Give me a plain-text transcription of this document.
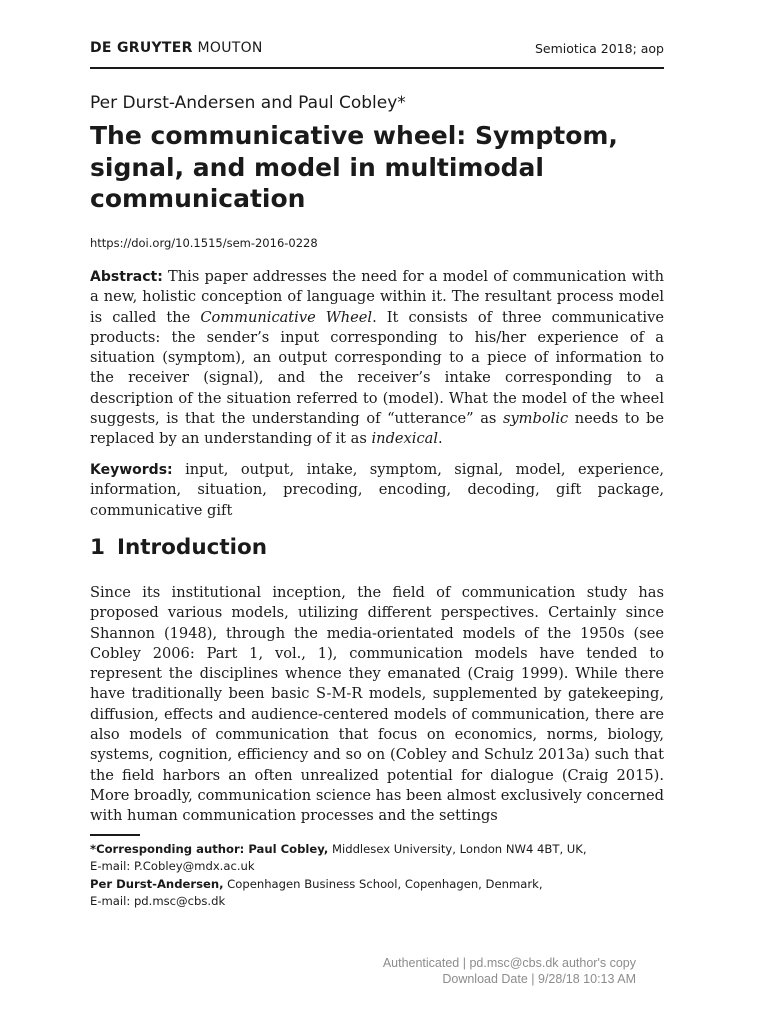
DE GRUYTER MOUTON	Semiotica 2018; aop
Per Durst-Andersen and Paul Cobley*
The communicative wheel: Symptom, signal, and model in multimodal communication
https://doi.org/10.1515/sem-2016-0228

Abstract: This paper addresses the need for a model of communication with a new, holistic conception of language within it. The resultant process model is called the Communicative Wheel. It consists of three communicative products: the sender’s input corresponding to his/her experience of a situation (symptom), an output corresponding to a piece of information to the receiver (signal), and the receiver’s intake corresponding to a description of the situation referred to (model). What the model of the wheel suggests, is that the understanding of “utterance” as symbolic needs to be replaced by an understanding of it as indexical.

Keywords: input, output, intake, symptom, signal, model, experience, information, situation, precoding, encoding, decoding, gift package, communicative gift

1 Introduction

Since its institutional inception, the field of communication study has proposed various models, utilizing different perspectives. Certainly since Shannon (1948), through the media-orientated models of the 1950s (see Cobley 2006: Part 1, vol., 1), communication models have tended to represent the disciplines whence they emanated (Craig 1999). While there have traditionally been basic S-M-R models, supplemented by gatekeeping, diffusion, effects and audience-centered models of communication, there are also models of communication that focus on economics, norms, biology, systems, cognition, efficiency and so on (Cobley and Schulz 2013a) such that the field harbors an often unrealized potential for dialogue (Craig 2015). More broadly, communication science has been almost exclusively concerned with human communication processes and the settings

*Corresponding author: Paul Cobley, Middlesex University, London NW4 4BT, UK,
E-mail: P.Cobley@mdx.ac.uk
Per Durst-Andersen, Copenhagen Business School, Copenhagen, Denmark,
E-mail: pd.msc@cbs.dk
Authenticated | pd.msc@cbs.dk author's copy
Download Date | 9/28/18 10:13 AM
